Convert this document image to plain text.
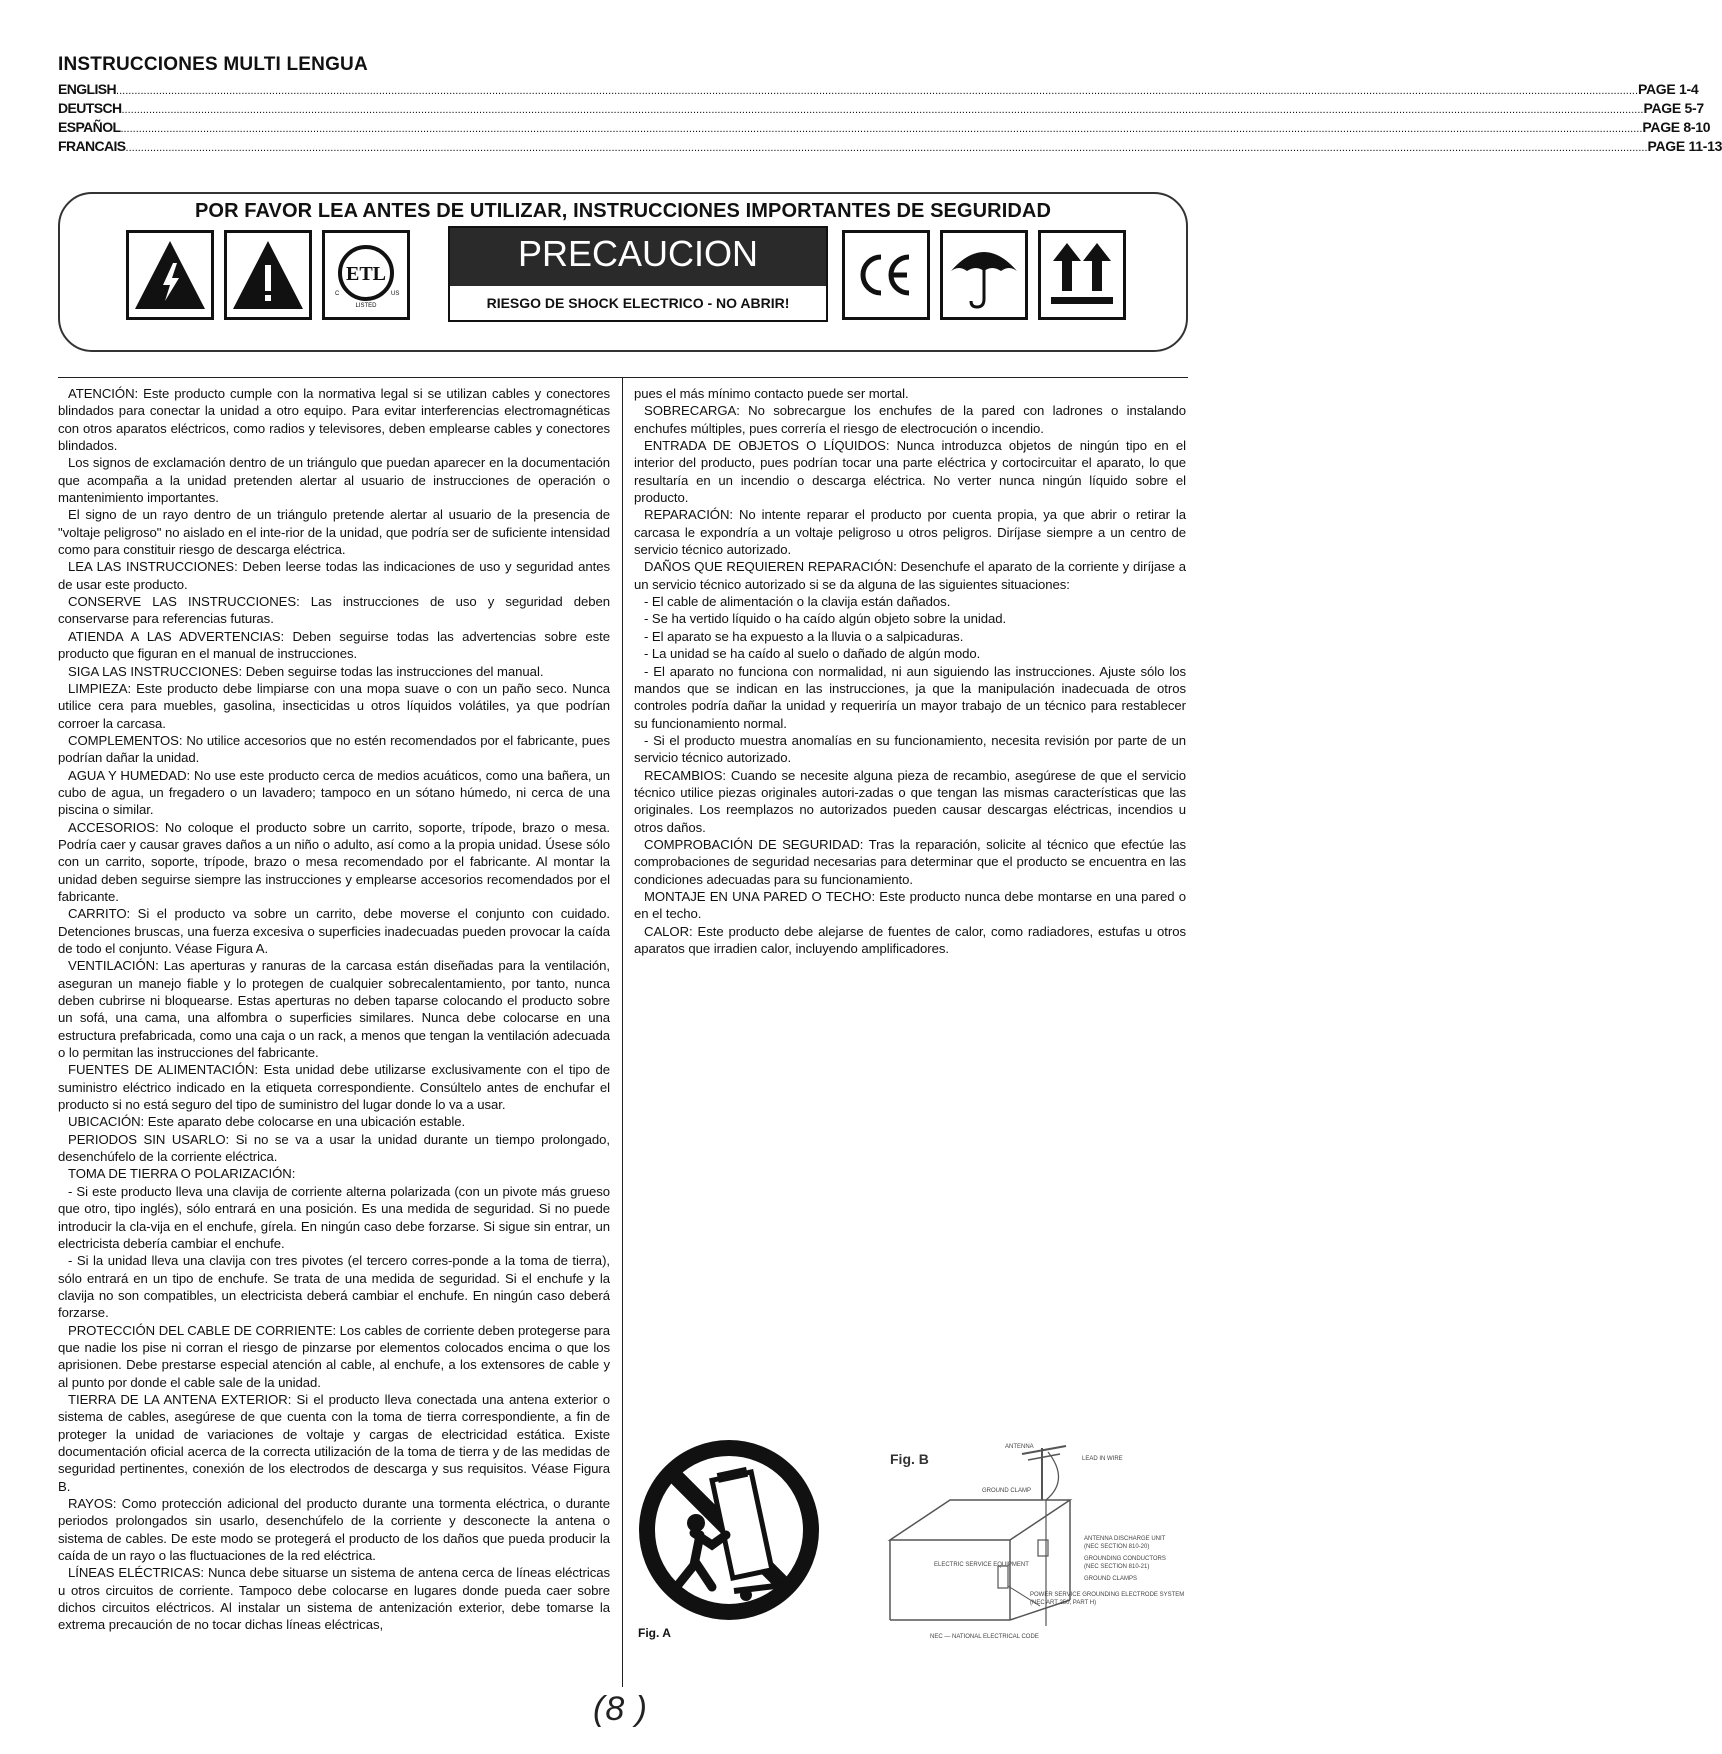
INSTRUCCIONES MULTI LENGUA
ENGLISH .................................................................................................................................................................................................................................................................................................................................................................................................................................................................................................................. PAGE 1-4
DEUTSCH .................................................................................................................................................................................................................................................................................................................................................................................................................................................................................................................. PAGE 5-7
ESPAÑOL .................................................................................................................................................................................................................................................................................................................................................................................................................................................................................................................. PAGE 8-10
FRANCAIS .................................................................................................................................................................................................................................................................................................................................................................................................................................................................................................................. PAGE 11-13
POR FAVOR LEA ANTES DE UTILIZAR, INSTRUCCIONES IMPORTANTES DE SEGURIDAD
ETL
C	US
LISTED
PRECAUCION
RIESGO DE SHOCK ELECTRICO - NO ABRIR!

ATENCIÓN: Este producto cumple con la normativa legal si se utilizan cables y conectores blindados para conectar la unidad a otro equipo. Para evitar interferencias electromagnéticas con otros aparatos eléctricos, como radios y televisores, deben emplearse cables y conectores blindados.

Los signos de exclamación dentro de un triángulo que puedan aparecer en la documentación que acompaña a la unidad pretenden alertar al usuario de instrucciones de operación o mantenimiento importantes.

El signo de un rayo dentro de un triángulo pretende alertar al usuario de la presencia de "voltaje peligroso" no aislado en el inte-rior de la unidad, que podría ser de suficiente intensidad como para constituir riesgo de descarga eléctrica.

LEA LAS INSTRUCCIONES: Deben leerse todas las indicaciones de uso y seguridad antes de usar este producto.

CONSERVE LAS INSTRUCCIONES: Las instrucciones de uso y seguridad deben conservarse para referencias futuras.

ATIENDA A LAS ADVERTENCIAS: Deben seguirse todas las advertencias sobre este producto que figuran en el manual de instrucciones.

SIGA LAS INSTRUCCIONES: Deben seguirse todas las instrucciones del manual.

LIMPIEZA: Este producto debe limpiarse con una mopa suave o con un paño seco. Nunca utilice cera para muebles, gasolina, insecticidas u otros líquidos volátiles, ya que podrían corroer la carcasa.

COMPLEMENTOS: No utilice accesorios que no estén recomendados por el fabricante, pues podrían dañar la unidad.

AGUA Y HUMEDAD: No use este producto cerca de medios acuáticos, como una bañera, un cubo de agua, un fregadero o un lavadero; tampoco en un sótano húmedo, ni cerca de una piscina o similar.

ACCESORIOS: No coloque el producto sobre un carrito, soporte, trípode, brazo o mesa. Podría caer y causar graves daños a un niño o adulto, así como a la propia unidad. Úsese sólo con un carrito, soporte, trípode, brazo o mesa recomendado por el fabricante. Al montar la unidad deben seguirse siempre las instrucciones y emplearse accesorios recomendados por el fabricante.

CARRITO: Si el producto va sobre un carrito, debe moverse el conjunto con cuidado. Detenciones bruscas, una fuerza excesiva o superficies inadecuadas pueden provocar la caída de todo el conjunto. Véase Figura A.

VENTILACIÓN: Las aperturas y ranuras de la carcasa están diseñadas para la ventilación, aseguran un manejo fiable y lo protegen de cualquier sobrecalentamiento, por tanto, nunca deben cubrirse ni bloquearse. Estas aperturas no deben taparse colocando el producto sobre un sofá, una cama, una alfombra o superficies similares. Nunca debe colocarse en una estructura prefabricada, como una caja o un rack, a menos que tengan la ventilación adecuada o lo permitan las instrucciones del fabricante.

FUENTES DE ALIMENTACIÓN: Esta unidad debe utilizarse exclusivamente con el tipo de suministro eléctrico indicado en la etiqueta correspondiente. Consúltelo antes de enchufar el producto si no está seguro del tipo de suministro del lugar donde lo va a usar.

UBICACIÓN: Este aparato debe colocarse en una ubicación estable.

PERIODOS SIN USARLO: Si no se va a usar la unidad durante un tiempo prolongado, desenchúfelo de la corriente eléctrica.

TOMA DE TIERRA O POLARIZACIÓN:

- Si este producto lleva una clavija de corriente alterna polarizada (con un pivote más grueso que otro, tipo inglés), sólo entrará en una posición. Es una medida de seguridad. Si no puede introducir la cla-vija en el enchufe, gírela. En ningún caso debe forzarse. Si sigue sin entrar, un electricista debería cambiar el enchufe.

- Si la unidad lleva una clavija con tres pivotes (el tercero corres-ponde a la toma de tierra), sólo entrará en un tipo de enchufe. Se trata de una medida de seguridad. Si el enchufe y la clavija no son compatibles, un electricista deberá cambiar el enchufe. En ningún caso deberá forzarse.

PROTECCIÓN DEL CABLE DE CORRIENTE: Los cables de corriente deben protegerse para que nadie los pise ni corran el riesgo de pinzarse por elementos colocados encima o que los aprisionen. Debe prestarse especial atención al cable, al enchufe, a los extensores de cable y al punto por donde el cable sale de la unidad.

TIERRA DE LA ANTENA EXTERIOR: Si el producto lleva conectada una antena exterior o sistema de cables, asegúrese de que cuenta con la toma de tierra correspondiente, a fin de proteger la unidad de variaciones de voltaje y cargas de electricidad estática. Existe documentación oficial acerca de la correcta utilización de la toma de tierra y de las medidas de seguridad pertinentes, conexión de los electrodos de descarga y sus requisitos. Véase Figura B.

RAYOS: Como protección adicional del producto durante una tormenta eléctrica, o durante periodos prolongados sin usarlo, desenchúfelo de la corriente y desconecte la antena o sistema de cables. De este modo se protegerá el producto de los daños que pueda producir la caída de un rayo o las fluctuaciones de la red eléctrica.

LÍNEAS ELÉCTRICAS: Nunca debe situarse un sistema de antena cerca de líneas eléctricas u otros circuitos de corriente. Tampoco debe colocarse en lugares donde pueda caer sobre dichos circuitos eléctricos. Al instalar un sistema de antenización exterior, debe tomarse la extrema precaución de no tocar dichas líneas eléctricas,

pues el más mínimo contacto puede ser mortal.

SOBRECARGA: No sobrecargue los enchufes de la pared con ladrones o instalando enchufes múltiples, pues correría el riesgo de electrocución o incendio.

ENTRADA DE OBJETOS O LÍQUIDOS: Nunca introduzca objetos de ningún tipo en el interior del producto, pues podrían tocar una parte eléctrica y cortocircuitar el aparato, lo que resultaría en un incendio o descarga eléctrica. No verter nunca ningún líquido sobre el producto.

REPARACIÓN: No intente reparar el producto por cuenta propia, ya que abrir o retirar la carcasa le expondría a un voltaje peligroso u otros peligros. Diríjase siempre a un centro de servicio técnico autorizado.

DAÑOS QUE REQUIEREN REPARACIÓN: Desenchufe el aparato de la corriente y diríjase a un servicio técnico autorizado si se da alguna de las siguientes situaciones:

- El cable de alimentación o la clavija están dañados.

- Se ha vertido líquido o ha caído algún objeto sobre la unidad.

- El aparato se ha expuesto a la lluvia o a salpicaduras.

- La unidad se ha caído al suelo o dañado de algún modo.

- El aparato no funciona con normalidad, ni aun siguiendo las instrucciones. Ajuste sólo los mandos que se indican en las instrucciones, ja que la manipulación inadecuada de otros controles podría dañar la unidad y requeriría un mayor trabajo de un técnico para restablecer su funcionamiento normal.

- Si el producto muestra anomalías en su funcionamiento, necesita revisión por parte de un servicio técnico autorizado.

RECAMBIOS: Cuando se necesite alguna pieza de recambio, asegúrese de que el servicio técnico utilice piezas originales autori-zadas o que tengan las mismas características que las originales. Los reemplazos no autorizados pueden causar descargas eléctricas, incendios u otros daños.

COMPROBACIÓN DE SEGURIDAD: Tras la reparación, solicite al técnico que efectúe las comprobaciones de seguridad necesarias para determinar que el producto se encuentra en las condiciones adecuadas para su funcionamiento.

MONTAJE EN UNA PARED O TECHO: Este producto nunca debe montarse en una pared o en el techo.

CALOR: Este producto debe alejarse de fuentes de calor, como radiadores, estufas u otros aparatos que irradien calor, incluyendo amplificadores.

Fig. A
Fig. B
ANTENNA
LEAD IN WIRE
GROUND CLAMP
ANTENNA DISCHARGE UNIT
(NEC SECTION 810-20)
GROUNDING CONDUCTORS
(NEC SECTION 810-21)
ELECTRIC SERVICE EQUIPMENT
GROUND CLAMPS
POWER SERVICE GROUNDING ELECTRODE SYSTEM
(NEC ART 250, PART H)
NEC — NATIONAL ELECTRICAL CODE
(8 )
